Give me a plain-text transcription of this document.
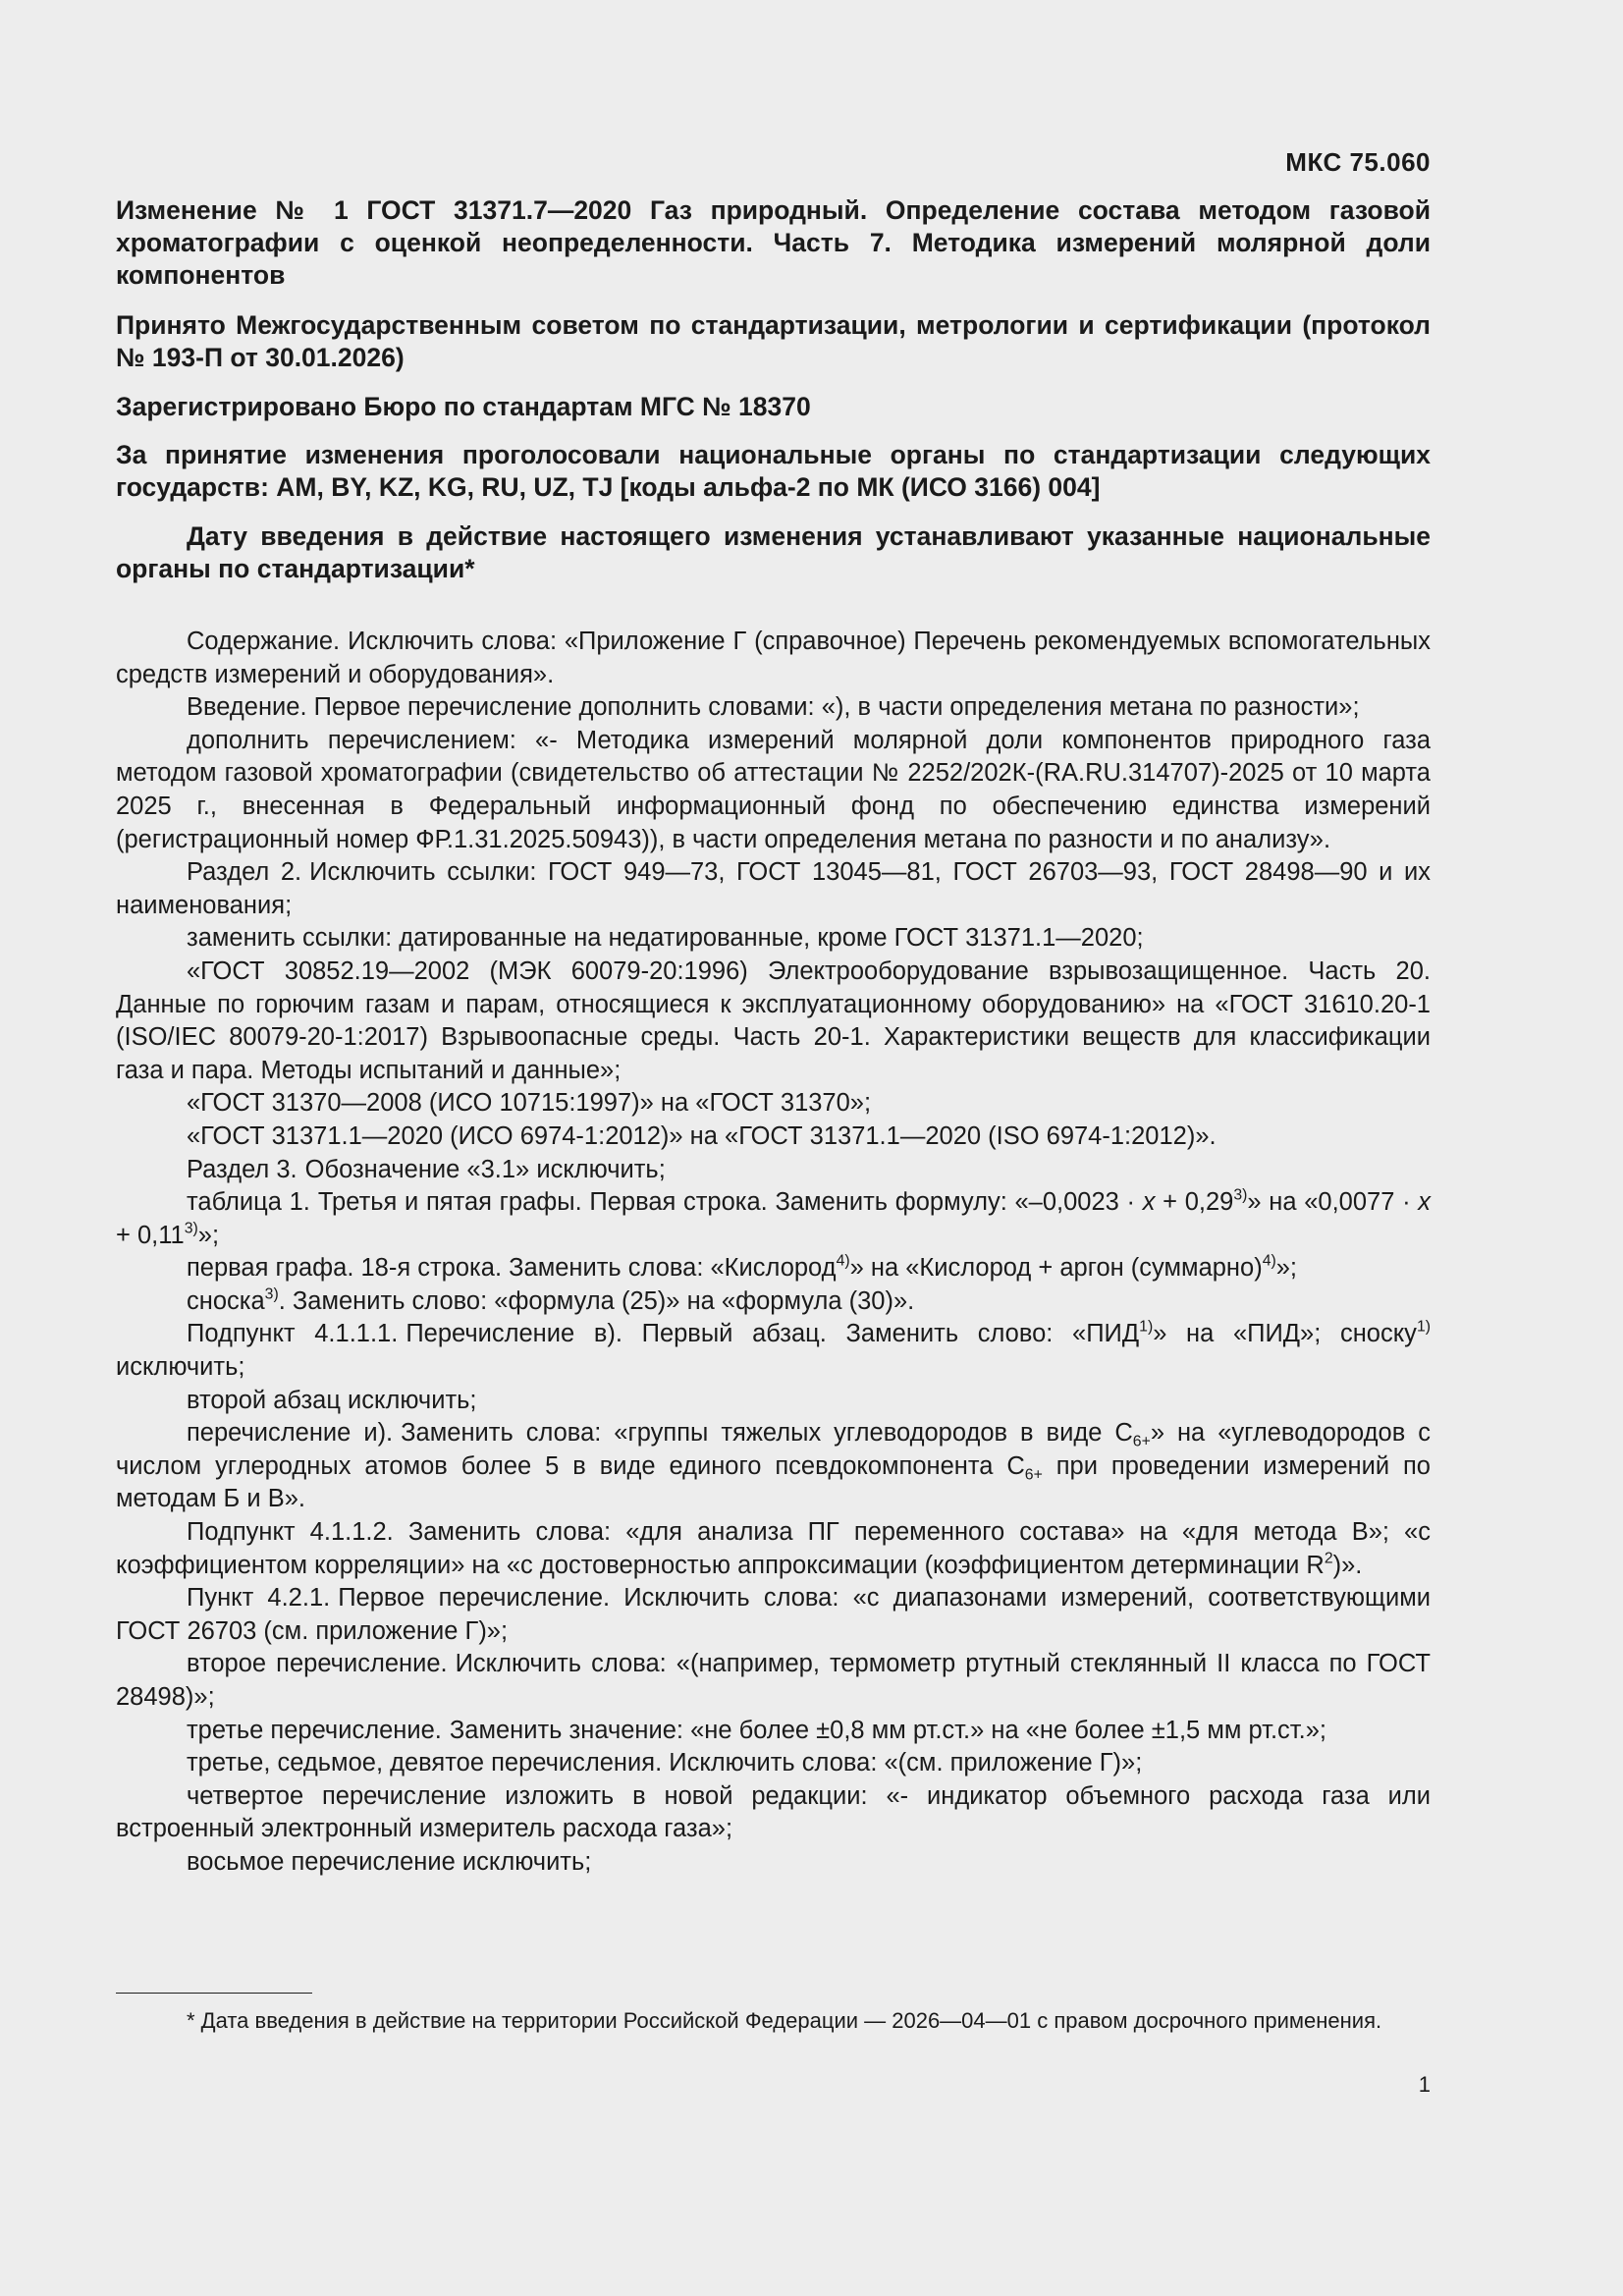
МКС 75.060
Изменение № 1 ГОСТ 31371.7—2020 Газ природный. Определение состава методом газовой хроматографии с оценкой неопределенности. Часть 7. Методика измерений молярной доли компонентов
Принято Межгосударственным советом по стандартизации, метрологии и сертификации (протокол № 193-П от 30.01.2026)
Зарегистрировано Бюро по стандартам МГС № 18370
За принятие изменения проголосовали национальные органы по стандартизации следующих государств: AM, BY, KZ, KG, RU, UZ, TJ [коды альфа-2 по МК (ИСО 3166) 004]
Дату введения в действие настоящего изменения устанавливают указанные национальные органы по стандартизации*

Содержание. Исключить слова: «Приложение Г (справочное) Перечень рекомендуемых вспомогательных средств измерений и оборудования».

Введение. Первое перечисление дополнить словами: «), в части определения метана по разности»;

дополнить перечислением: «- Методика измерений молярной доли компонентов природного газа методом газовой хроматографии (свидетельство об аттестации № 2252/202К-(RA.RU.314707)-2025 от 10 марта 2025 г., внесенная в Федеральный информационный фонд по обеспечению единства измерений (регистрационный номер ФР.1.31.2025.50943)), в части определения метана по разности и по анализу».

Раздел 2. Исключить ссылки: ГОСТ 949—73, ГОСТ 13045—81, ГОСТ 26703—93, ГОСТ 28498—90 и их наименования;

заменить ссылки: датированные на недатированные, кроме ГОСТ 31371.1—2020;

«ГОСТ 30852.19—2002 (МЭК 60079-20:1996) Электрооборудование взрывозащищенное. Часть 20. Данные по горючим газам и парам, относящиеся к эксплуатационному оборудованию» на «ГОСТ 31610.20-1 (ISO/IEC 80079-20-1:2017) Взрывоопасные среды. Часть 20-1. Характеристики веществ для классификации газа и пара. Методы испытаний и данные»;

«ГОСТ 31370—2008 (ИСО 10715:1997)» на «ГОСТ 31370»;

«ГОСТ 31371.1—2020 (ИСО 6974-1:2012)» на «ГОСТ 31371.1—2020 (ISO 6974-1:2012)».

Раздел 3. Обозначение «3.1» исключить;

таблица 1. Третья и пятая графы. Первая строка. Заменить формулу: «$-0,0023 \cdot x + 0,29^{3)}$» на «$0,0077 \cdot x + 0,11^{3)}$»;

первая графа. 18-я строка. Заменить слова: «Кислород$^{4)}$» на «Кислород + аргон (суммарно)$^{4)}$»;

сноска$^{3)}$. Заменить слово: «формула (25)» на «формула (30)».

Подпункт 4.1.1.1. Перечисление в). Первый абзац. Заменить слово: «ПИД$^{1)}$» на «ПИД»; сноску$^{1)}$ исключить;

второй абзац исключить;

перечисление и). Заменить слова: «группы тяжелых углеводородов в виде $С_{6+}$» на «углеводородов с числом углеродных атомов более 5 в виде единого псевдокомпонента $С_{6+}$ при проведении измерений по методам Б и В».

Подпункт 4.1.1.2. Заменить слова: «для анализа ПГ переменного состава» на «для метода В»; «с коэффициентом корреляции» на «с достоверностью аппроксимации (коэффициентом детерминации $R^2$)».

Пункт 4.2.1. Первое перечисление. Исключить слова: «с диапазонами измерений, соответствующими ГОСТ 26703 (см. приложение Г)»;

второе перечисление. Исключить слова: «(например, термометр ртутный стеклянный II класса по ГОСТ 28498)»;

третье перечисление. Заменить значение: «не более ±0,8 мм рт.ст.» на «не более ±1,5 мм рт.ст.»;

третье, седьмое, девятое перечисления. Исключить слова: «(см. приложение Г)»;

четвертое перечисление изложить в новой редакции: «- индикатор объемного расхода газа или встроенный электронный измеритель расхода газа»;

восьмое перечисление исключить;

* Дата введения в действие на территории Российской Федерации — 2026—04—01 с правом досрочного применения.

1
